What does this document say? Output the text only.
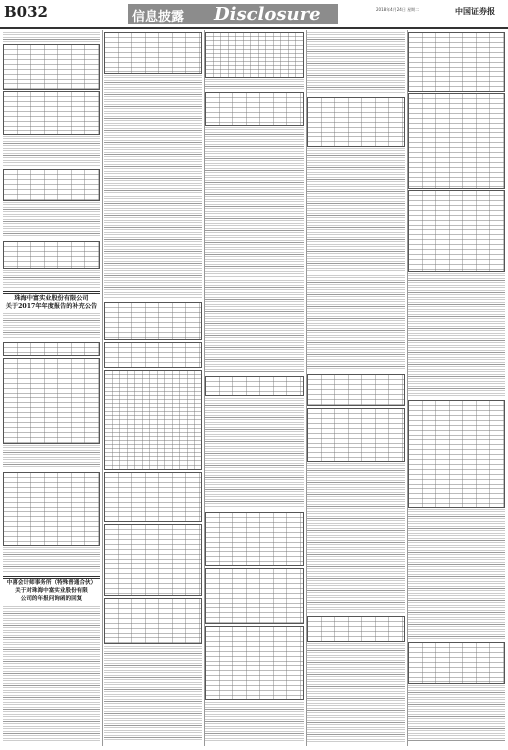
B032	信息披露 Disclosure	2018年4月24日 星期二	中国证券报
珠海中富实业股份有限公司
关于2017年年度报告的补充公告
中喜会计师事务所（特殊普通合伙）
关于对珠海中富实业股份有限
公司的年报问询函的回复
